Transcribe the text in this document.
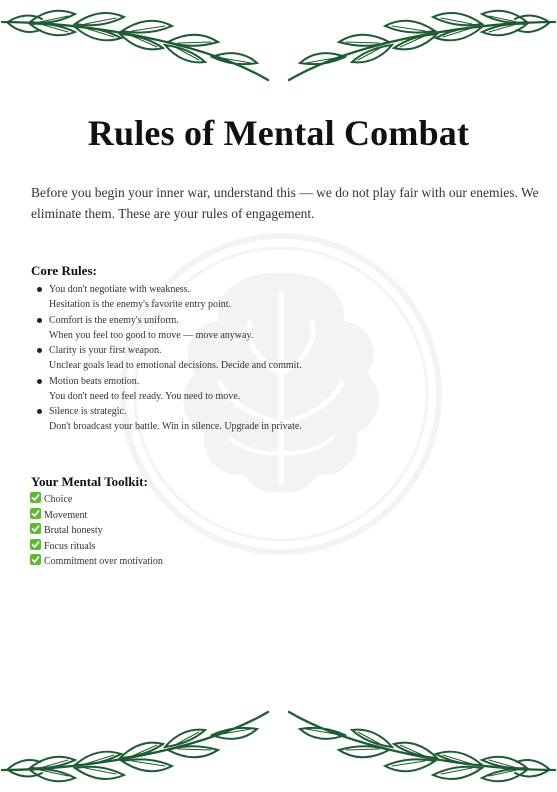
Rules of Mental Combat

Before you begin your inner war, understand this — we do not play fair with our enemies. We eliminate them. These are your rules of engagement.

Core Rules:
You don't negotiate with weakness.
Hesitation is the enemy's favorite entry point.
Comfort is the enemy's uniform.
When you feel too good to move — move anyway.
Clarity is your first weapon.
Unclear goals lead to emotional decisions. Decide and commit.
Motion beats emotion.
You don't need to feel ready. You need to move.
Silence is strategic.
Don't broadcast your battle. Win in silence. Upgrade in private.
Your Mental Toolkit:
Choice
Movement
Brutal honesty
Focus rituals
Commitment over motivation
